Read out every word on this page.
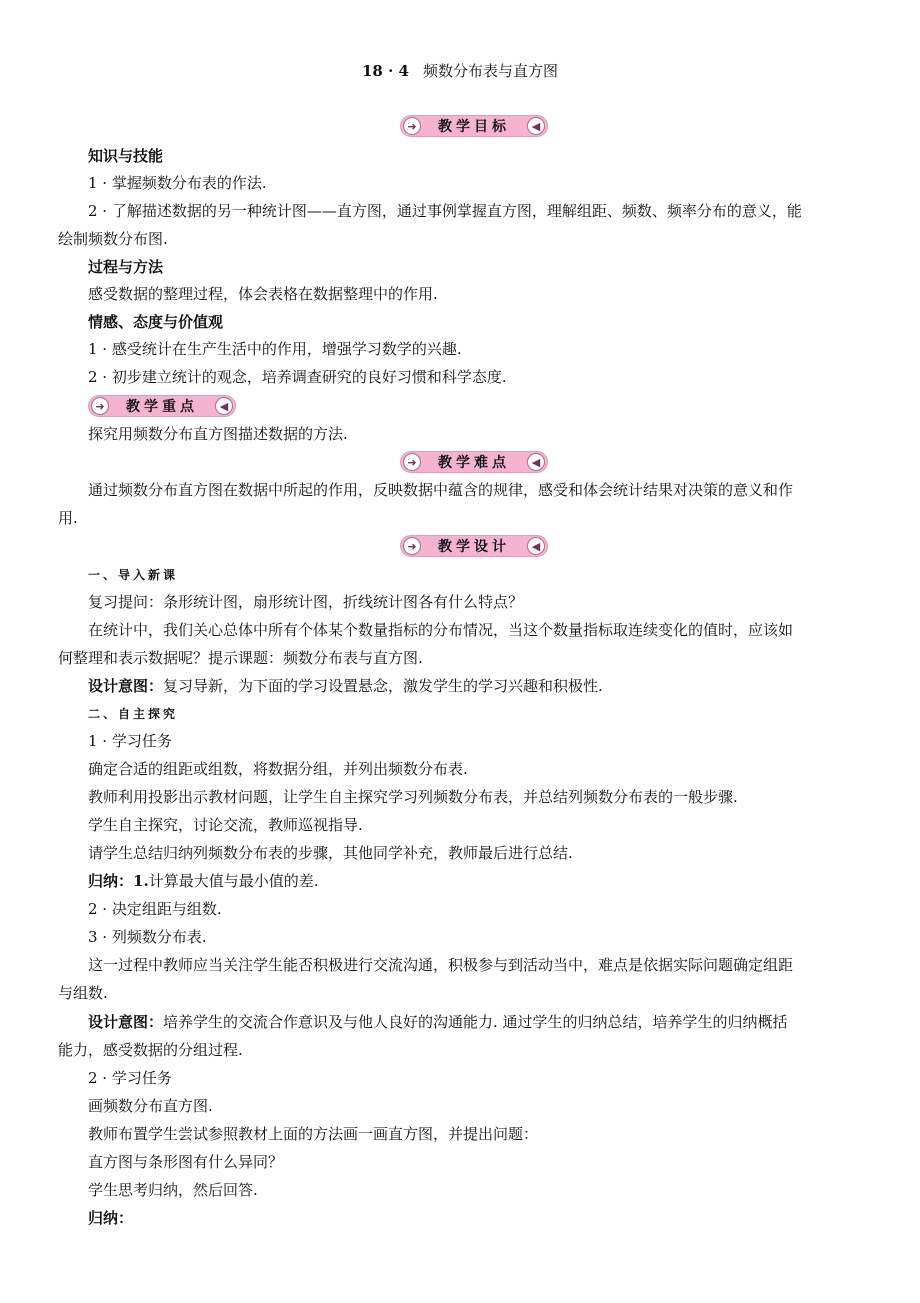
18 · 4 频数分布表与直方图
➜	教学目标	◀
知识与技能
1 · 掌握频数分布表的作法.
2 · 了解描述数据的另一种统计图——直方图，通过事例掌握直方图，理解组距、频数、频率分布的意义，能
绘制频数分布图.
过程与方法
感受数据的整理过程，体会表格在数据整理中的作用.
情感、态度与价值观
1 · 感受统计在生产生活中的作用，增强学习数学的兴趣.
2 · 初步建立统计的观念，培养调查研究的良好习惯和科学态度.
➜	教学重点	◀
探究用频数分布直方图描述数据的方法.
➜	教学难点	◀
通过频数分布直方图在数据中所起的作用，反映数据中蕴含的规律，感受和体会统计结果对决策的意义和作
用.
➜	教学设计	◀
一、导入新课
复习提问：条形统计图，扇形统计图，折线统计图各有什么特点？
在统计中，我们关心总体中所有个体某个数量指标的分布情况，当这个数量指标取连续变化的值时，应该如
何整理和表示数据呢？提示课题：频数分布表与直方图.
设计意图：复习导新，为下面的学习设置悬念，激发学生的学习兴趣和积极性.
二、自主探究
1 · 学习任务
确定合适的组距或组数，将数据分组，并列出频数分布表.
教师利用投影出示教材问题，让学生自主探究学习列频数分布表，并总结列频数分布表的一般步骤.
学生自主探究，讨论交流，教师巡视指导.
请学生总结归纳列频数分布表的步骤，其他同学补充，教师最后进行总结.
归纳：1.计算最大值与最小值的差.
2 · 决定组距与组数.
3 · 列频数分布表.
这一过程中教师应当关注学生能否积极进行交流沟通，积极参与到活动当中，难点是依据实际问题确定组距
与组数.
设计意图：培养学生的交流合作意识及与他人良好的沟通能力. 通过学生的归纳总结，培养学生的归纳概括
能力，感受数据的分组过程.
2 · 学习任务
画频数分布直方图.
教师布置学生尝试参照教材上面的方法画一画直方图，并提出问题：
直方图与条形图有什么异同？
学生思考归纳，然后回答.
归纳：
